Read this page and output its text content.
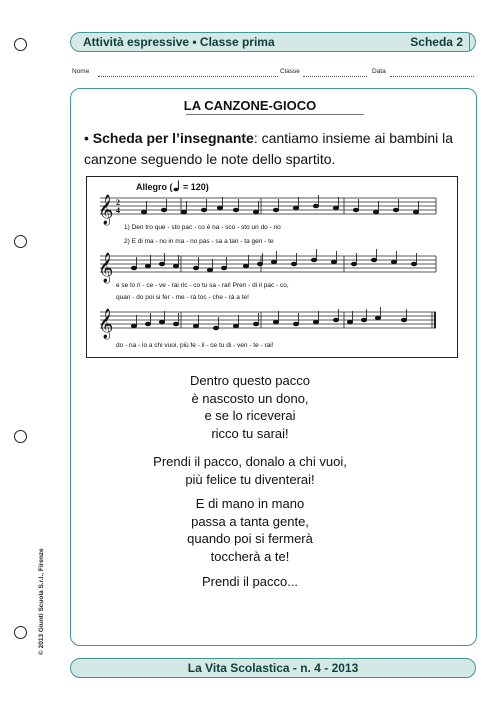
Attività espressive • Classe prima	Scheda 2
Nome	Classe	Data
LA CANZONE-GIOCO
• Scheda per l’insegnante: cantiamo insieme ai bambini la canzone seguendo le note dello spartito.
Allegro ( = 120)
𝄞
𝄞
𝄞
2
4
1) Den tro que - sto pac - co è na - sco - sto un do - no
2) E di ma - no in ma - no pas - sa a tan - ta gen - te
e se lo ri - ce - ve - rai ric - co tu sa - rai! Pren - di il pac - co,
quan - do poi si fer - me - rà toc - che - rà a te!
do - na - lo a chi vuoi, più fe - li - ce tu di - ven - te - rai!
Dentro questo pacco
è nascosto un dono,
e se lo riceverai
ricco tu sarai!
Prendi il pacco, donalo a chi vuoi,
più felice tu diventerai!
E di mano in mano
passa a tanta gente,
quando poi si fermerà
toccherà a te!
Prendi il pacco...
© 2013 Giunti Scuola S.r.l., Firenze
La Vita Scolastica - n. 4 - 2013
